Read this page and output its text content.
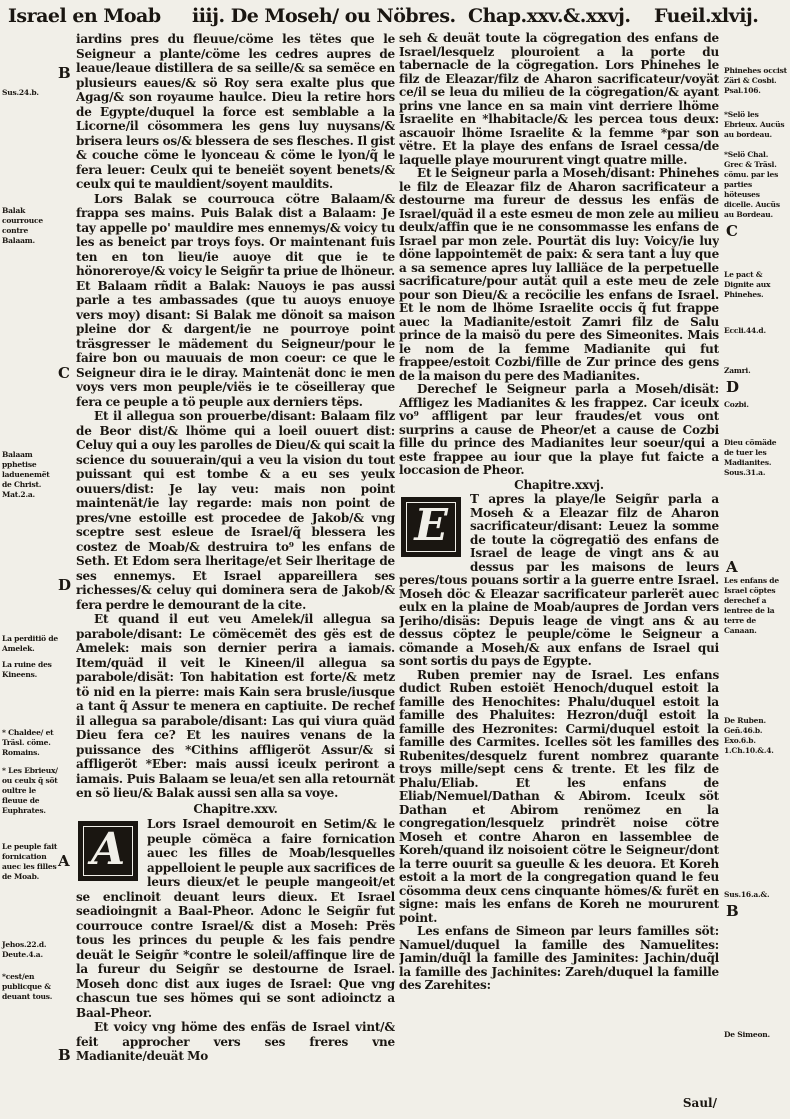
Israel en Moab iiij. De Moseh/ ou Nöbres. Chap.xxv.&.xxvj. Fueil.xlvij.

iardins pres du fleuue/cöme les tëtes que le Seigneur a plante/cöme les cedres aupres de leaue/leaue distillera de sa seille/& sa semëce en plusieurs eaues/& sö Roy sera exalte plus que Agag/& son royaume haulce. Dieu la retire hors de Egypte/duquel la force est semblable a la Licorne/il cösommera les gens luy nuysans/& brisera leurs os/& blessera de ses flesches. Il gist & couche cöme le lyonceau & cöme le lyon/q̃ le fera leuer: Ceulx qui te beneiët soyent benets/& ceulx qui te mauldient/soyent mauldits.

Lors Balak se courrouca cötre Balaam/& frappa ses mains. Puis Balak dist a Balaam: Je tay appelle po' mauldire mes ennemys/& voicy tu les as beneict par troys foys. Or maintenant fuis ten en ton lieu/ie auoye dit que ie te hönoreroye/& voicy le Seigñr ta priue de lhöneur. Et Balaam rñdit a Balak: Nauoys ie pas aussi parle a tes ambassades (que tu auoys enuoye vers moy) disant: Si Balak me dönoit sa maison pleine dor & dargent/ie ne pourroye point träsgresser le mädement du Seigneur/pour le faire bon ou mauuais de mon coeur: ce que le Seigneur dira ie le diray. Maintenät donc ie men voys vers mon peuple/viës ie te cöseilleray que fera ce peuple a tö peuple aux derniers tëps.

Et il allegua son prouerbe/disant: Balaam filz de Beor dist/& lhöme qui a loeil ouuert dist: Celuy qui a ouy les parolles de Dieu/& qui scait la science du souuerain/qui a veu la vision du tout puissant qui est tombe & a eu ses yeulx ouuers/dist: Je lay veu: mais non point maintenät/ie lay regarde: mais non point de pres/vne estoille est procedee de Jakob/& vng sceptre sest esleue de Israel/q̃ blessera les costez de Moab/& destruira to⁹ les enfans de Seth. Et Edom sera lheritage/et Seir lheritage de ses ennemys. Et Israel appareillera ses richesses/& celuy qui dominera sera de Jakob/& fera perdre le demourant de la cite.

Et quand il eut veu Amelek/il allegua sa parabole/disant: Le cömëcemët des gës est de Amelek: mais son dernier perira a iamais. Item/quäd il veit le Kineen/il allegua sa parabole/disät: Ton habitation est forte/& metz tö nid en la pierre: mais Kain sera brusle/iusque a tant q̃ Assur te menera en captiuite. De rechef il allegua sa parabole/disant: Las qui viura quäd Dieu fera ce? Et les nauires venans de la puissance des *Cithins affligeröt Assur/& si affligeröt *Eber: mais aussi iceulx periront a iamais. Puis Balaam se leua/et sen alla retournät en sö lieu/& Balak aussi sen alla sa voye.

Chapitre.xxv.

A	Lors Israel demouroit en Setim/& le peuple cömëca a faire fornication auec les filles de Moab/lesquelles appelloient le peuple aux sacrifices de leurs dieux/et le peuple mangeoit/et se enclinoit deuant leurs dieux. Et Israel seadioingnit a Baal-Pheor. Adonc le Seigñr fut courrouce contre Israel/& dist a Moseh: Prës tous les princes du peuple & les fais pendre deuät le Seigñr *contre le soleil/affinque lire de la fureur du Seigñr se destourne de Israel. Moseh donc dist aux iuges de Israel: Que vng chascun tue ses hömes qui se sont adioinctz a Baal-Pheor.

Et voicy vng höme des enfäs de Israel vint/& feit approcher vers ses freres vne Madianite/deuät Mo

seh & deuät toute la cögregation des enfans de Israel/lesquelz plouroient a la porte du tabernacle de la cögregation. Lors Phinehes le filz de Eleazar/filz de Aharon sacrificateur/voyät ce/il se leua du milieu de la cögregation/& ayant prins vne lance en sa main vint derriere lhöme Israelite en *lhabitacle/& les percea tous deux: ascauoir lhöme Israelite & la femme *par son vëtre. Et la playe des enfans de Israel cessa/de laquelle playe moururent vingt quatre mille.

Et le Seigneur parla a Moseh/disant: Phinehes le filz de Eleazar filz de Aharon sacrificateur a destourne ma fureur de dessus les enfäs de Israel/quäd il a este esmeu de mon zele au milieu deulx/affin que ie ne consommasse les enfans de Israel par mon zele. Pourtät dis luy: Voicy/ie luy döne lappointemët de paix: & sera tant a luy que a sa semence apres luy lalliäce de la perpetuelle sacrificature/pour autät quil a este meu de zele pour son Dieu/& a recöcilie les enfans de Israel. Et le nom de lhöme Israelite occis q̃ fut frappe auec la Madianite/estoit Zamri filz de Salu prince de la maisö du pere des Simeonites. Mais le nom de la femme Madianite qui fut frappee/estoit Cozbi/fille de Zur prince des gens de la maison du pere des Madianites.

Derechef le Seigneur parla a Moseh/disät: Affligez les Madianites & les frappez. Car iceulx vo⁹ affligent par leur fraudes/et vous ont surprins a cause de Pheor/et a cause de Cozbi fille du prince des Madianites leur soeur/qui a este frappee au iour que la playe fut faicte a loccasion de Pheor.

Chapitre.xxvj.

E
T apres la playe/le Seigñr parla a Moseh & a Eleazar filz de Aharon sacrificateur/disant: Leuez la somme de toute la cögregatiö des enfans de Israel de leage de vingt ans & au dessus par les maisons de leurs peres/tous pouans sortir a la guerre entre Israel. Moseh döc & Eleazar sacrificateur parlerët auec eulx en la plaine de Moab/aupres de Jordan vers Jeriho/disäs: Depuis leage de vingt ans & au dessus cöptez le peuple/cöme le Seigneur a cömande a Moseh/& aux enfans de Israel qui sont sortis du pays de Egypte.

Ruben premier nay de Israel. Les enfans dudict Ruben estoiët Henoch/duquel estoit la famille des Henochites: Phalu/duquel estoit la famille des Phaluites: Hezron/duq̃l estoit la famille des Hezronites: Carmi/duquel estoit la famille des Carmites. Icelles söt les familles des Rubenites/desquelz furent nombrez quarante troys mille/sept cens & trente. Et les filz de Phalu/Eliab. Et les enfans de Eliab/Nemuel/Dathan & Abirom. Iceulx söt Dathan et Abirom renömez en la congregation/lesquelz prindrët noise cötre Moseh et contre Aharon en lassemblee de Koreh/quand ilz noisoient cötre le Seigneur/dont la terre ouurit sa gueulle & les deuora. Et Koreh estoit a la mort de la congregation quand le feu cösomma deux cens cinquante hömes/& furët en signe: mais les enfans de Koreh ne moururent point.

Les enfans de Simeon par leurs familles söt: Namuel/duquel la famille des Namuelites: Jamin/duq̃l la famille des Jaminites: Jachin/duq̃l la famille des Jachinites: Zareh/duquel la famille des Zarehites:

Sus.24.b.
Balak courrouce contre Balaam.
Balaam pphetise laduenemët de Christ. Mat.2.a.
La perditiö de Amelek.
La ruine des Kineens.
* Chaldee/ et Träsl. cöme. Romains.
* Les Ebrieux/ ou ceulx q̃ söt oultre le fleuue de Euphrates.
Le peuple fait fornication auec les filles de Moab.
Jehos.22.d. Deute.4.a.
*cest/en publicque & deuant tous.
B
C
D
A
B
Phinehes occist Zäri & Cosbi. Psal.106.
*Selö les Ebrieux. Aucüs au bordeau.
*Selö Chal. Grec & Träsl. cömu. par les parties höteuses dicelle. Aucüs au Bordeau.
Le pact & Dignite aux Phinehes.
Eccli.44.d.
Zamri.
Cozbi.
Dieu cömäde de tuer les Madianites. Sous.31.a.
Les enfans de Israel cöptes derechef a lentree de la terre de Canaan.
De Ruben. Geñ.46.b. Exo.6.b. 1.Ch.10.&.4.
Sus.16.a.&.
De Simeon.
C
D
A
B
Saul/
